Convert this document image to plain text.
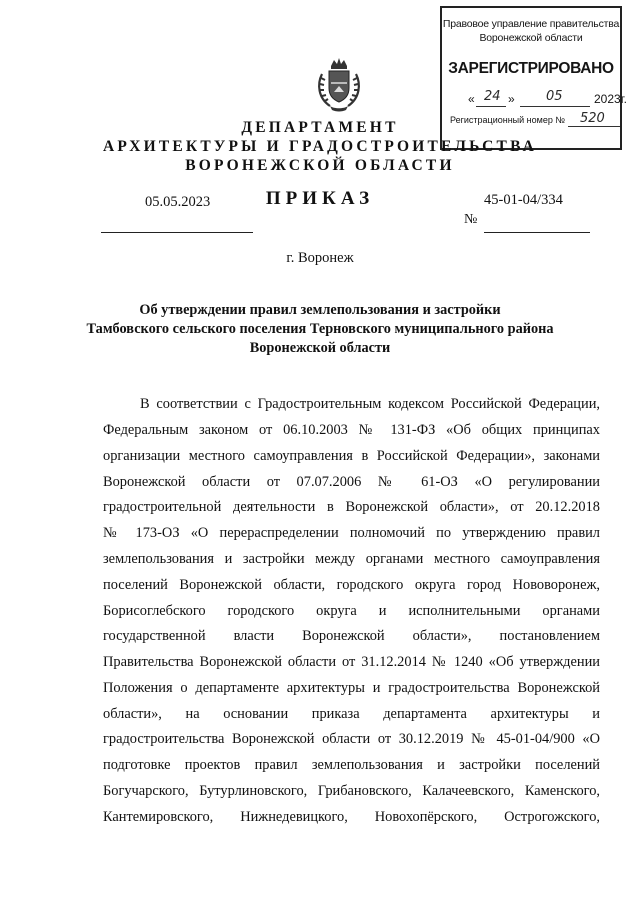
Правовое управление правительства
Воронежской области
ЗАРЕГИСТРИРОВАНО
« 24 » 05	2023г.
Регистрационный номер № 520
ДЕПАРТАМЕНТ
АРХИТЕКТУРЫ И ГРАДОСТРОИТЕЛЬСТВА
ВОРОНЕЖСКОЙ ОБЛАСТИ
05.05.2023	ПРИКАЗ	45-01-04/334
№
г. Воронеж
Об утверждении правил землепользования и застройки
Тамбовского сельского поселения Терновского муниципального района
Воронежской области
В соответствии с Градостроительным кодексом Российской Федерации,
Федеральным законом от 06.10.2003 № 131-ФЗ «Об общих принципах
организации местного самоуправления в Российской Федерации», законами
Воронежской области от 07.07.2006 № 61-ОЗ «О регулировании
градостроительной деятельности в Воронежской области», от 20.12.2018
№ 173-ОЗ «О перераспределении полномочий по утверждению правил
землепользования и застройки между органами местного самоуправления
поселений Воронежской области, городского округа город Нововоронеж,
Борисоглебского городского округа и исполнительными органами
государственной власти Воронежской области», постановлением
Правительства Воронежской области от 31.12.2014 № 1240 «Об утверждении
Положения о департаменте архитектуры и градостроительства Воронежской
области», на основании приказа департамента архитектуры и
градостроительства Воронежской области от 30.12.2019 № 45-01-04/900 «О
подготовке проектов правил землепользования и застройки поселений
Богучарского, Бутурлиновского, Грибановского, Калачеевского, Каменского,
Кантемировского, Нижнедевицкого, Новохопёрского, Острогожского,
